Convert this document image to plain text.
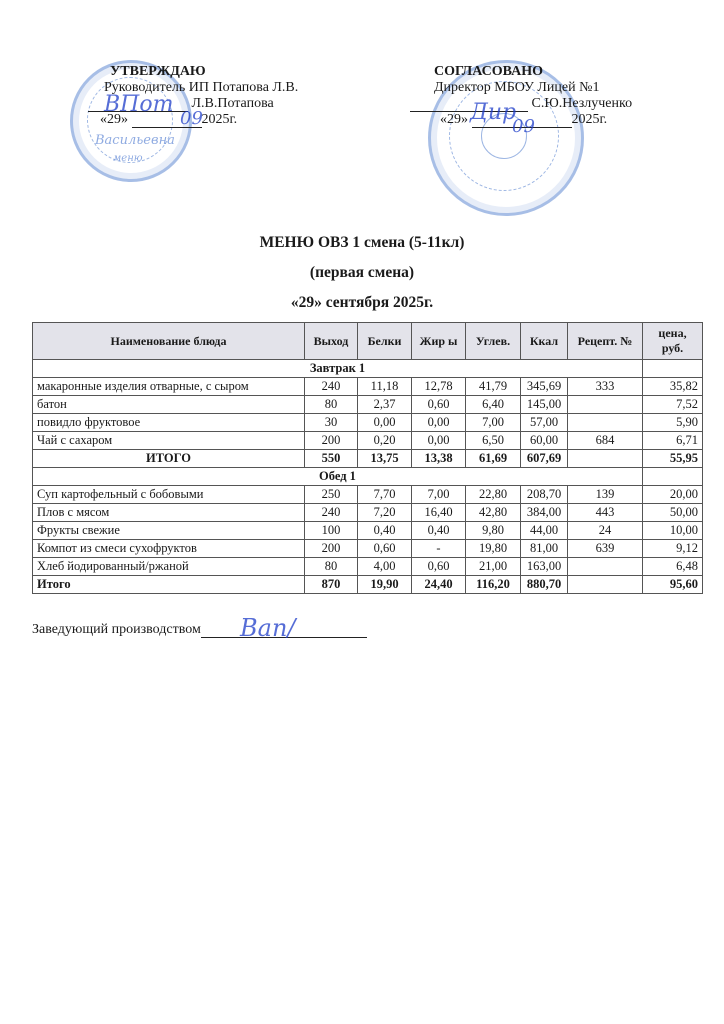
Васильевна
меню
УТВЕРЖДАЮ
Руководитель ИП Потапова Л.В.
Л.В.Потапова
«29»	2025г.
ВПот
09
СОГЛАСОВАНО
Директор МБОУ Лицей №1
С.Ю.Незлученко
«29»	2025г.
Дир
09
МЕНЮ ОВЗ 1 смена (5-11кл)
(первая смена)
«29» сентября 2025г.
Наименование блюда	Выход	Белки	Жир ы	Углев.	Ккал	Рецепт. №	цена, руб.
Завтрак 1							
макаронные изделия отварные, с сыром	240	11,18	12,78	41,79	345,69	333	35,82
батон	80	2,37	0,60	6,40	145,00		7,52
повидло фруктовое	30	0,00	0,00	7,00	57,00		5,90
Чай с сахаром	200	0,20	0,00	6,50	60,00	684	6,71
ИТОГО	550	13,75	13,38	61,69	607,69		55,95
Обед 1							
Суп картофельный с бобовыми	250	7,70	7,00	22,80	208,70	139	20,00
Плов с мясом	240	7,20	16,40	42,80	384,00	443	50,00
Фрукты свежие	100	0,40	0,40	9,80	44,00	24	10,00
Компот из смеси сухофруктов	200	0,60	-	19,80	81,00	639	9,12
Хлеб йодированный/ржаной	80	4,00	0,60	21,00	163,00		6,48
Итого	870	19,90	24,40	116,20	880,70		95,60
Заведующий производством	Ban/
